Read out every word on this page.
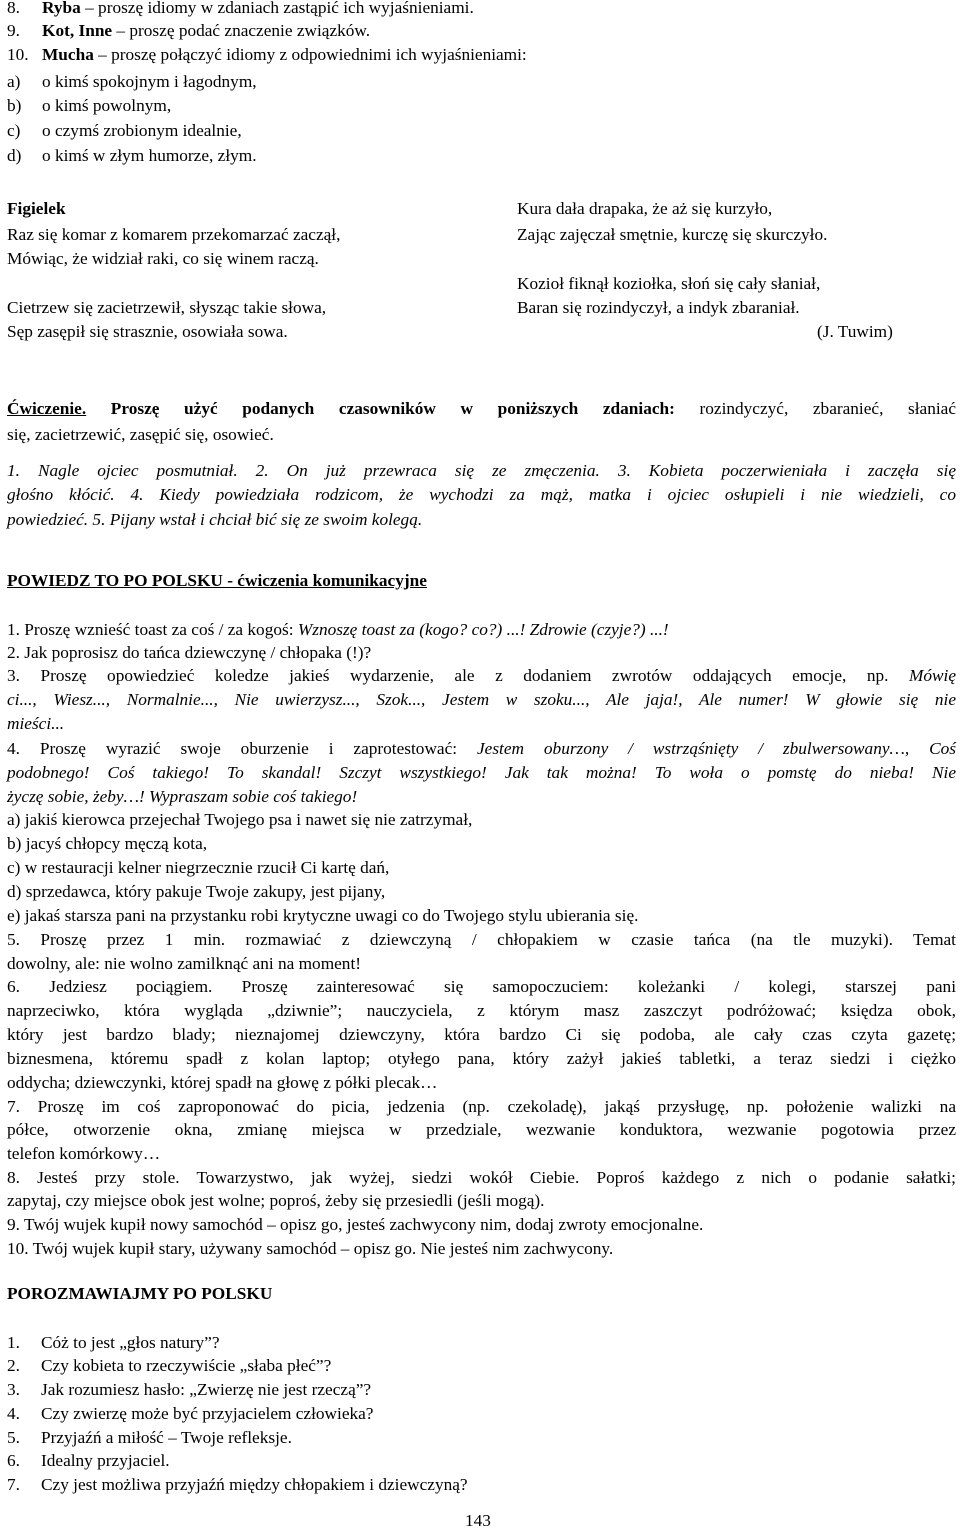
8. Ryba – proszę idiomy w zdaniach zastąpić ich wyjaśnieniami.
9. Kot, Inne – proszę podać znaczenie związków.
10. Mucha – proszę połączyć idiomy z odpowiednimi ich wyjaśnieniami:
a) o kimś spokojnym i łagodnym,
b) o kimś powolnym,
c) o czymś zrobionym idealnie,
d) o kimś w złym humorze, złym.
Figielek
Raz się komar z komarem przekomarzać zaczął,
Mówiąc, że widział raki, co się winem raczą.
Cietrzew się zacietrzewił, słysząc takie słowa,
Sęp zasępił się strasznie, osowiała sowa.
Kura dała drapaka, że aż się kurzyło,
Zając zajęczał smętnie, kurczę się skurczyło.
Kozioł fiknął koziołka, słoń się cały słaniał,
Baran się rozindyczył, a indyk zbaraniał.
(J. Tuwim)
Ćwiczenie. Proszę użyć podanych czasowników w poniższych zdaniach: rozindyczyć, zbaranieć, słaniać
się, zacietrzewić, zasępić się, osowieć.
1. Nagle ojciec posmutniał. 2. On już przewraca się ze zmęczenia. 3. Kobieta poczerwieniała i zaczęła się
głośno kłócić. 4. Kiedy powiedziała rodzicom, że wychodzi za mąż, matka i ojciec osłupieli i nie wiedzieli, co
powiedzieć. 5. Pijany wstał i chciał bić się ze swoim kolegą.
POWIEDZ TO PO POLSKU - ćwiczenia komunikacyjne
1. Proszę wznieść toast za coś / za kogoś: Wznoszę toast za (kogo? co?) ...! Zdrowie (czyje?) ...!
2. Jak poprosisz do tańca dziewczynę / chłopaka (!)?
3. Proszę opowiedzieć koledze jakieś wydarzenie, ale z dodaniem zwrotów oddających emocje, np. Mówię
ci..., Wiesz..., Normalnie..., Nie uwierzysz..., Szok..., Jestem w szoku..., Ale jaja!, Ale numer! W głowie się nie
mieści...
4. Proszę wyrazić swoje oburzenie i zaprotestować: Jestem oburzony / wstrząśnięty / zbulwersowany…, Coś
podobnego! Coś takiego! To skandal! Szczyt wszystkiego! Jak tak można! To woła o pomstę do nieba! Nie
życzę sobie, żeby…! Wypraszam sobie coś takiego!
a) jakiś kierowca przejechał Twojego psa i nawet się nie zatrzymał,
b) jacyś chłopcy męczą kota,
c) w restauracji kelner niegrzecznie rzucił Ci kartę dań,
d) sprzedawca, który pakuje Twoje zakupy, jest pijany,
e) jakaś starsza pani na przystanku robi krytyczne uwagi co do Twojego stylu ubierania się.
5. Proszę przez 1 min. rozmawiać z dziewczyną / chłopakiem w czasie tańca (na tle muzyki). Temat
dowolny, ale: nie wolno zamilknąć ani na moment!
6. Jedziesz pociągiem. Proszę zainteresować się samopoczuciem: koleżanki / kolegi, starszej pani
naprzeciwko, która wygląda „dziwnie”; nauczyciela, z którym masz zaszczyt podróżować; księdza obok,
który jest bardzo blady; nieznajomej dziewczyny, która bardzo Ci się podoba, ale cały czas czyta gazetę;
biznesmena, któremu spadł z kolan laptop; otyłego pana, który zażył jakieś tabletki, a teraz siedzi i ciężko
oddycha; dziewczynki, której spadł na głowę z półki plecak…
7. Proszę im coś zaproponować do picia, jedzenia (np. czekoladę), jakąś przysługę, np. położenie walizki na
półce, otworzenie okna, zmianę miejsca w przedziale, wezwanie konduktora, wezwanie pogotowia przez
telefon komórkowy…
8. Jesteś przy stole. Towarzystwo, jak wyżej, siedzi wokół Ciebie. Poproś każdego z nich o podanie sałatki;
zapytaj, czy miejsce obok jest wolne; poproś, żeby się przesiedli (jeśli mogą).
9. Twój wujek kupił nowy samochód – opisz go, jesteś zachwycony nim, dodaj zwroty emocjonalne.
10. Twój wujek kupił stary, używany samochód – opisz go. Nie jesteś nim zachwycony.
POROZMAWIAJMY PO POLSKU
1. Cóż to jest „głos natury”?
2. Czy kobieta to rzeczywiście „słaba płeć”?
3. Jak rozumiesz hasło: „Zwierzę nie jest rzeczą”?
4. Czy zwierzę może być przyjacielem człowieka?
5. Przyjaźń a miłość – Twoje refleksje.
6. Idealny przyjaciel.
7. Czy jest możliwa przyjaźń między chłopakiem i dziewczyną?
143
